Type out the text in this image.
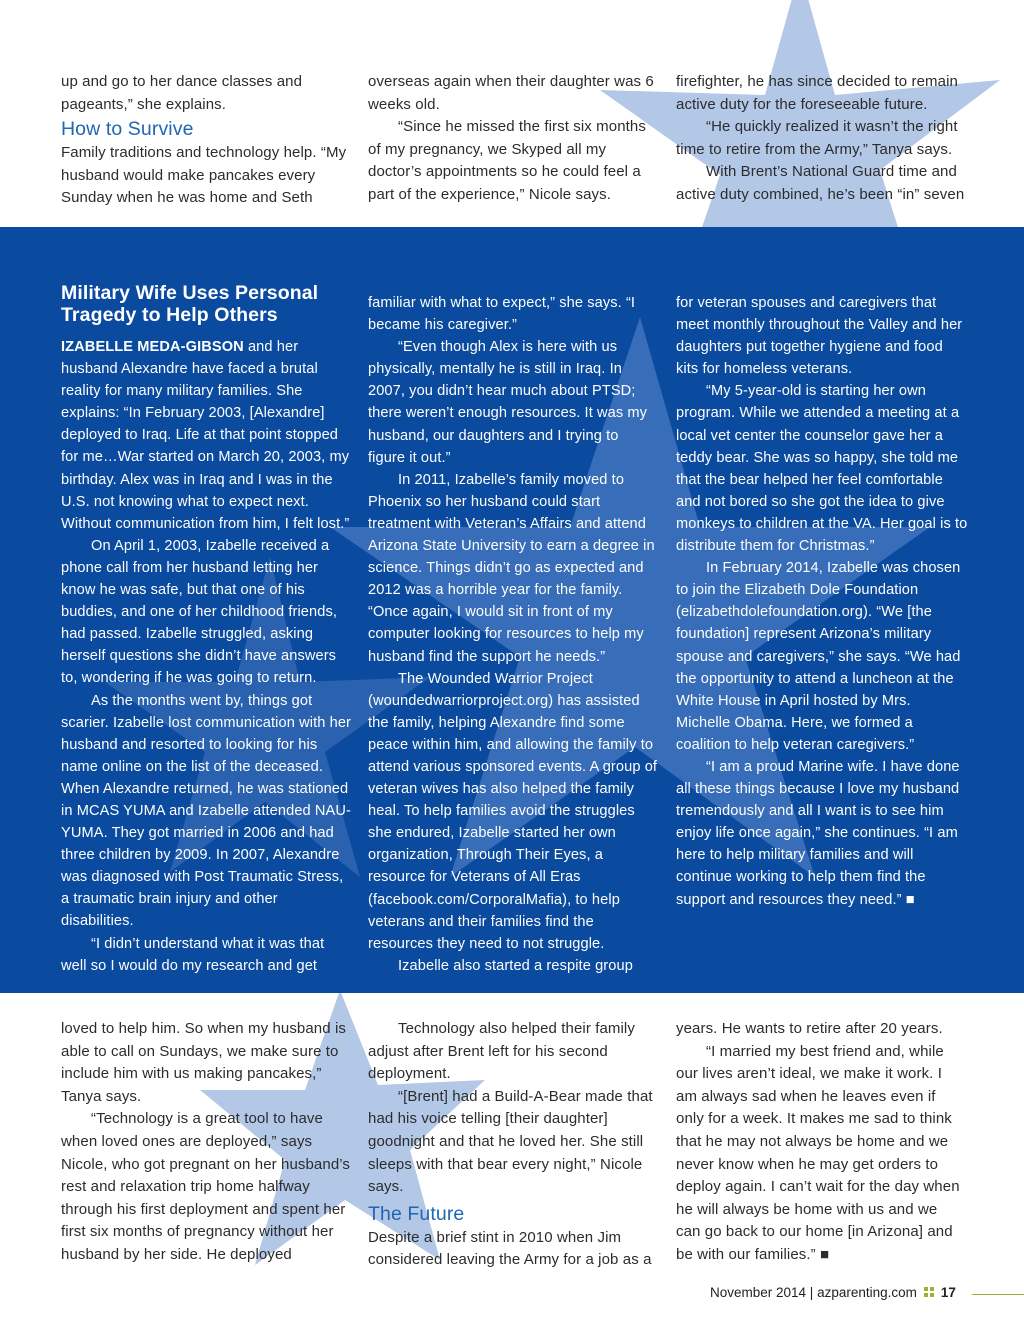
up and go to her dance classes and pageants,” she explains.

How to Survive

Family traditions and technology help. “My husband would make pancakes every Sunday when he was home and Seth

overseas again when their daughter was 6 weeks old.

“Since he missed the first six months of my pregnancy, we Skyped all my doctor’s appointments so he could feel a part of the experience,” Nicole says.

firefighter, he has since decided to remain active duty for the foreseeable future.

“He quickly realized it wasn’t the right time to retire from the Army,” Tanya says.

With Brent’s National Guard time and active duty combined, he’s been “in” seven

Military Wife Uses Personal Tragedy to Help Others

IZABELLE MEDA-GIBSON and her husband Alexandre have faced a brutal reality for many military families. She explains: “In February 2003, [Alexandre] deployed to Iraq. Life at that point stopped for me…War started on March 20, 2003, my birthday. Alex was in Iraq and I was in the U.S. not knowing what to expect next. Without communication from him, I felt lost.”

On April 1, 2003, Izabelle received a phone call from her husband letting her know he was safe, but that one of his buddies, and one of her childhood friends, had passed. Izabelle struggled, asking herself questions she didn’t have answers to, wondering if he was going to return.

As the months went by, things got scarier. Izabelle lost communication with her husband and resorted to looking for his name online on the list of the deceased. When Alexandre returned, he was stationed in MCAS YUMA and Izabelle attended NAU-YUMA. They got married in 2006 and had three children by 2009. In 2007, Alexandre was diagnosed with Post Traumatic Stress, a traumatic brain injury and other disabilities.

“I didn’t understand what it was that well so I would do my research and get

familiar with what to expect,” she says. “I became his caregiver.”

“Even though Alex is here with us physically, mentally he is still in Iraq. In 2007, you didn’t hear much about PTSD; there weren’t enough resources. It was my husband, our daughters and I trying to figure it out.”

In 2011, Izabelle’s family moved to Phoenix so her husband could start treatment with Veteran’s Affairs and attend Arizona State University to earn a degree in science. Things didn’t go as expected and 2012 was a horrible year for the family. “Once again, I would sit in front of my computer looking for resources to help my husband find the support he needs.”

The Wounded Warrior Project (woundedwarriorproject.org) has assisted the family, helping Alexandre find some peace within him, and allowing the family to attend various sponsored events. A group of veteran wives has also helped the family heal. To help families avoid the struggles she endured, Izabelle started her own organization, Through Their Eyes, a resource for Veterans of All Eras (facebook.com/CorporalMafia), to help veterans and their families find the resources they need to not struggle.

Izabelle also started a respite group

for veteran spouses and caregivers that meet monthly throughout the Valley and her daughters put together hygiene and food kits for homeless veterans.

“My 5-year-old is starting her own program. While we attended a meeting at a local vet center the counselor gave her a teddy bear. She was so happy, she told me that the bear helped her feel comfortable and not bored so she got the idea to give monkeys to children at the VA. Her goal is to distribute them for Christmas.”

In February 2014, Izabelle was chosen to join the Elizabeth Dole Foundation (elizabethdolefoundation.org). “We [the foundation] represent Arizona’s military spouse and caregivers,” she says. “We had the opportunity to attend a luncheon at the White House in April hosted by Mrs. Michelle Obama. Here, we formed a coalition to help veteran caregivers.”

“I am a proud Marine wife. I have done all these things because I love my husband tremendously and all I want is to see him enjoy life once again,” she continues. “I am here to help military families and will continue working to help them find the support and resources they need.” ■

loved to help him. So when my husband is able to call on Sundays, we make sure to include him with us making pancakes,” Tanya says.

“Technology is a great tool to have when loved ones are deployed,” says Nicole, who got pregnant on her husband’s rest and relaxation trip home halfway through his first deployment and spent her first six months of pregnancy without her husband by her side. He deployed

Technology also helped their family adjust after Brent left for his second deployment.

“[Brent] had a Build-A-Bear made that had his voice telling [their daughter] goodnight and that he loved her. She still sleeps with that bear every night,” Nicole says.

The Future

Despite a brief stint in 2010 when Jim considered leaving the Army for a job as a

years. He wants to retire after 20 years.

“I married my best friend and, while our lives aren’t ideal, we make it work. I am always sad when he leaves even if only for a week. It makes me sad to think that he may not always be home and we never know when he may get orders to deploy again. I can’t wait for the day when he will always be home with us and we can go back to our home [in Arizona] and be with our families.” ■

November 2014 | azparenting.com 17
